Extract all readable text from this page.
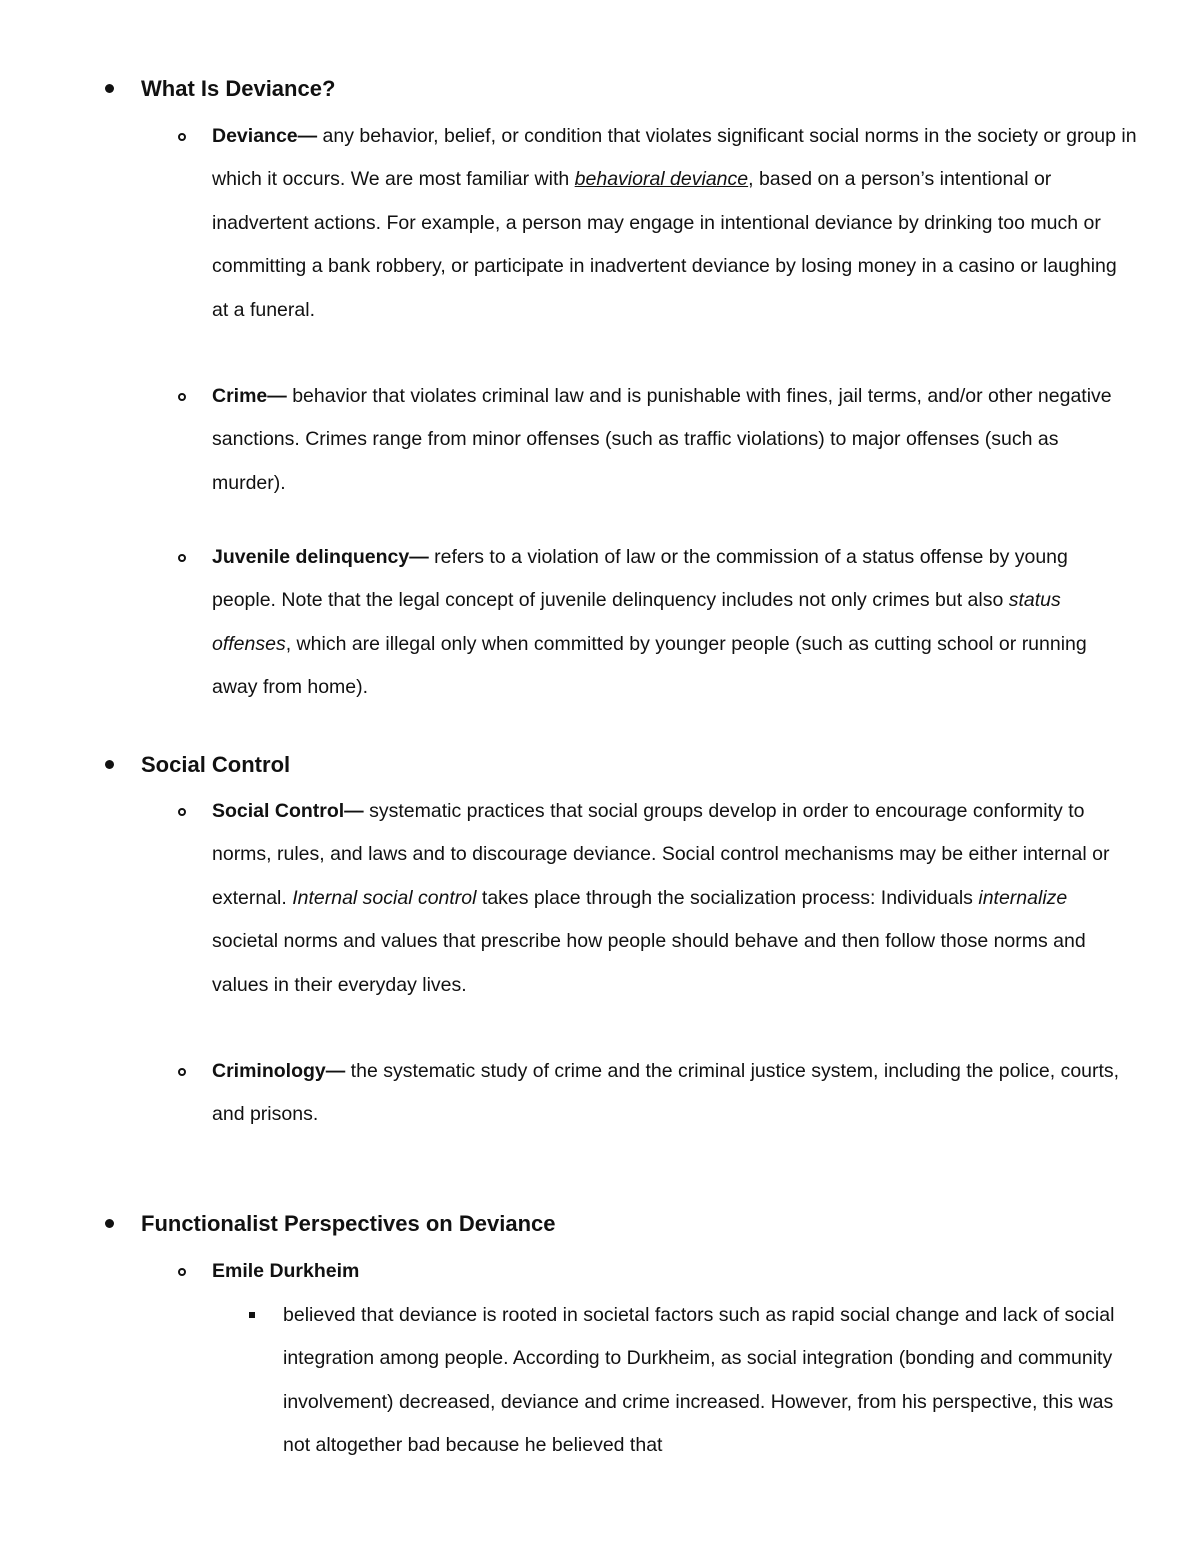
What Is Deviance?
Deviance— any behavior, belief, or condition that violates significant social norms in the society or group in which it occurs. We are most familiar with behavioral deviance, based on a person’s intentional or inadvertent actions. For example, a person may engage in intentional deviance by drinking too much or committing a bank robbery, or participate in inadvertent deviance by losing money in a casino or laughing at a funeral.
Crime— behavior that violates criminal law and is punishable with fines, jail terms, and/or other negative sanctions. Crimes range from minor offenses (such as traffic violations) to major offenses (such as murder).
Juvenile delinquency— refers to a violation of law or the commission of a status offense by young people. Note that the legal concept of juvenile delinquency includes not only crimes but also status offenses, which are illegal only when committed by younger people (such as cutting school or running away from home).
Social Control
Social Control— systematic practices that social groups develop in order to encourage conformity to norms, rules, and laws and to discourage deviance. Social control mechanisms may be either internal or external. Internal social control takes place through the socialization process: Individuals internalize societal norms and values that prescribe how people should behave and then follow those norms and values in their everyday lives.
Criminology— the systematic study of crime and the criminal justice system, including the police, courts, and prisons.
Functionalist Perspectives on Deviance
Emile Durkheim
believed that deviance is rooted in societal factors such as rapid social change and lack of social integration among people. According to Durkheim, as social integration (bonding and community involvement) decreased, deviance and crime increased. However, from his perspective, this was not altogether bad because he believed that
